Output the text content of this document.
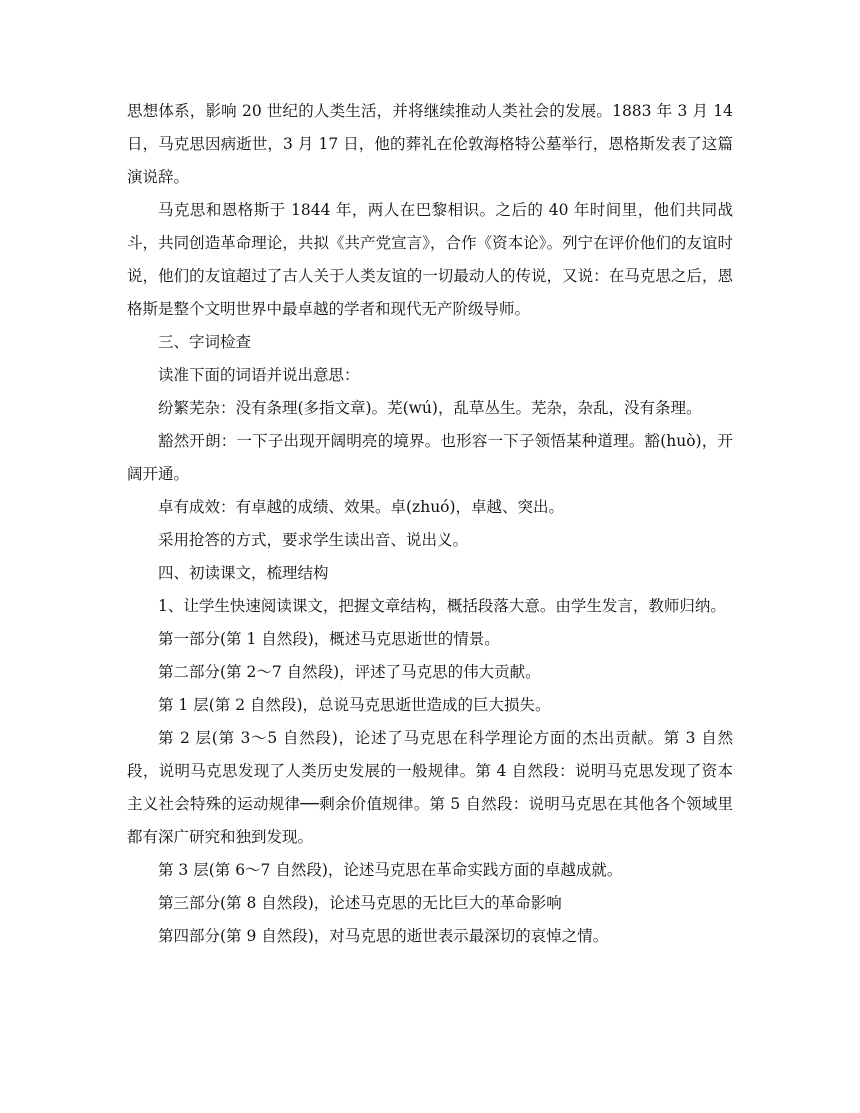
思想体系，影响 20 世纪的人类生活，并将继续推动人类社会的发展。1883 年 3 月 14 日，马克思因病逝世，3 月 17 日，他的葬礼在伦敦海格特公墓举行，恩格斯发表了这篇演说辞。

马克思和恩格斯于 1844 年，两人在巴黎相识。之后的 40 年时间里，他们共同战斗，共同创造革命理论，共拟《共产党宣言》，合作《资本论》。列宁在评价他们的友谊时说，他们的友谊超过了古人关于人类友谊的一切最动人的传说，又说：在马克思之后，恩格斯是整个文明世界中最卓越的学者和现代无产阶级导师。

三、字词检查

读准下面的词语并说出意思：

纷繁芜杂：没有条理(多指文章)。芜(wú)，乱草丛生。芜杂，杂乱，没有条理。

豁然开朗：一下子出现开阔明亮的境界。也形容一下子领悟某种道理。豁(huò)，开阔开通。

卓有成效：有卓越的成绩、效果。卓(zhuó)，卓越、突出。

采用抢答的方式，要求学生读出音、说出义。

四、初读课文，梳理结构

1、让学生快速阅读课文，把握文章结构，概括段落大意。由学生发言，教师归纳。

第一部分(第 1 自然段)，概述马克思逝世的情景。

第二部分(第 2～7 自然段)，评述了马克思的伟大贡献。

第 1 层(第 2 自然段)，总说马克思逝世造成的巨大损失。

第 2 层(第 3～5 自然段)，论述了马克思在科学理论方面的杰出贡献。第 3 自然段，说明马克思发现了人类历史发展的一般规律。第 4 自然段：说明马克思发现了资本主义社会特殊的运动规律──剩余价值规律。第 5 自然段：说明马克思在其他各个领域里都有深广研究和独到发现。

第 3 层(第 6～7 自然段)，论述马克思在革命实践方面的卓越成就。

第三部分(第 8 自然段)，论述马克思的无比巨大的革命影响

第四部分(第 9 自然段)，对马克思的逝世表示最深切的哀悼之情。
